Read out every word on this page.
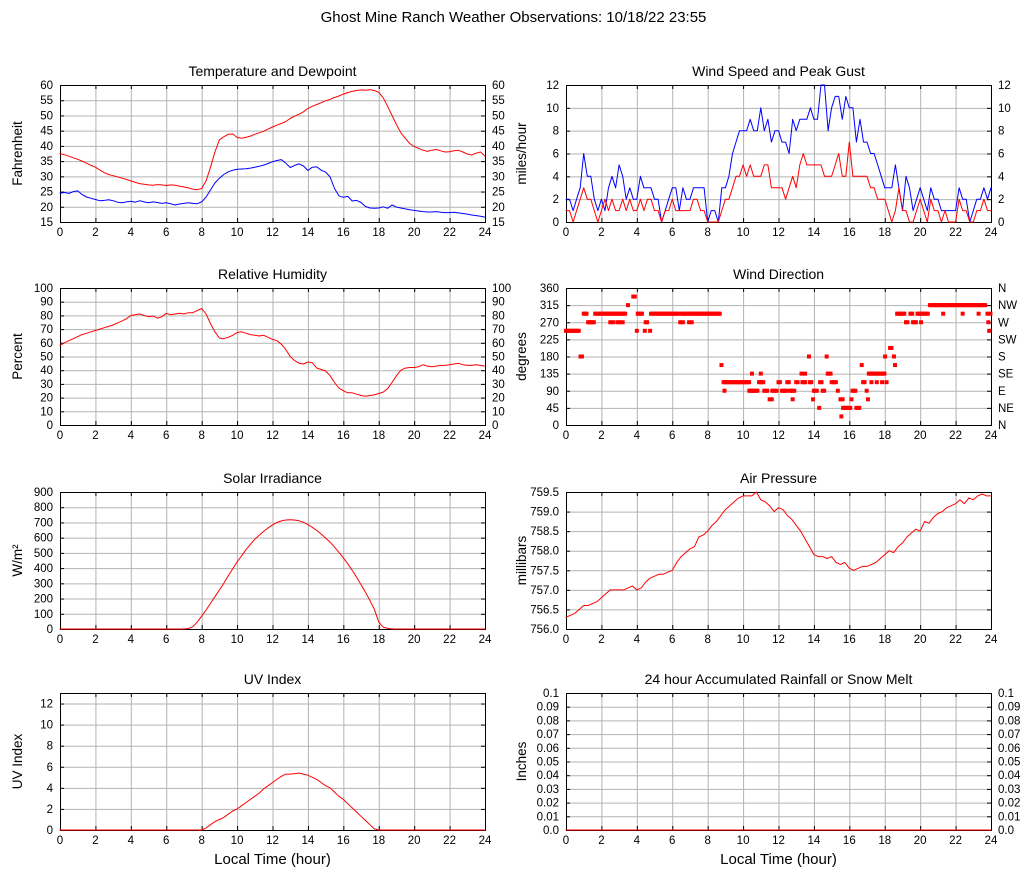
Ghost Mine Ranch Weather Observations: 10/18/22 23:55
0	2	4	6	8 10 12 14 16 18 20 22 24
15
20
25
30
35
40
45
50
55
60
15
20
25
30
35
40
45
50
55
60
Temperature and Dewpoint
Fahrenheit
0	2	4	6	8 10 12 14 16 18 20 22 24
0
2
4
6
8
10
12
0
2
4
6
8
10
12
Wind Speed and Peak Gust
miles/hour
0	2	4	6	8 10 12 14 16 18 20 22 24
0
10
20
30
40
50
60
70
80
90
100
0
10
20
30
40
50
60
70
80
90
100
Relative Humidity
Percent
0	2	4	6	8 10 12 14 16 18 20 22 24
0
45
90
135
180
225
270
315
360
N
NE
E
SE
S
SW
W
NW
N
Wind Direction
degrees
0	2	4	6	8 10 12 14 16 18 20 22 24
0
100
200
300
400
500
600
700
800
900
Solar Irradiance
W/m²
0	2	4	6	8 10 12 14 16 18 20 22 24
756.0
756.5
757.0
757.5
758.0
758.5
759.0
759.5
Air Pressure
millibars
0	2	4	6	8 10 12 14 16 18 20 22 24
0
2
4
6
8
10
12
UV Index
UV Index
Local Time (hour)
0	2	4	6	8 10 12 14 16 18 20 22 24
0.0
0.01
0.02
0.03
0.04
0.05
0.06
0.07
0.08
0.09
0.1
0.0
0.01
0.02
0.03
0.04
0.05
0.06
0.07
0.08
0.09
0.1
24 hour Accumulated Rainfall or Snow Melt
Inches
Local Time (hour)
